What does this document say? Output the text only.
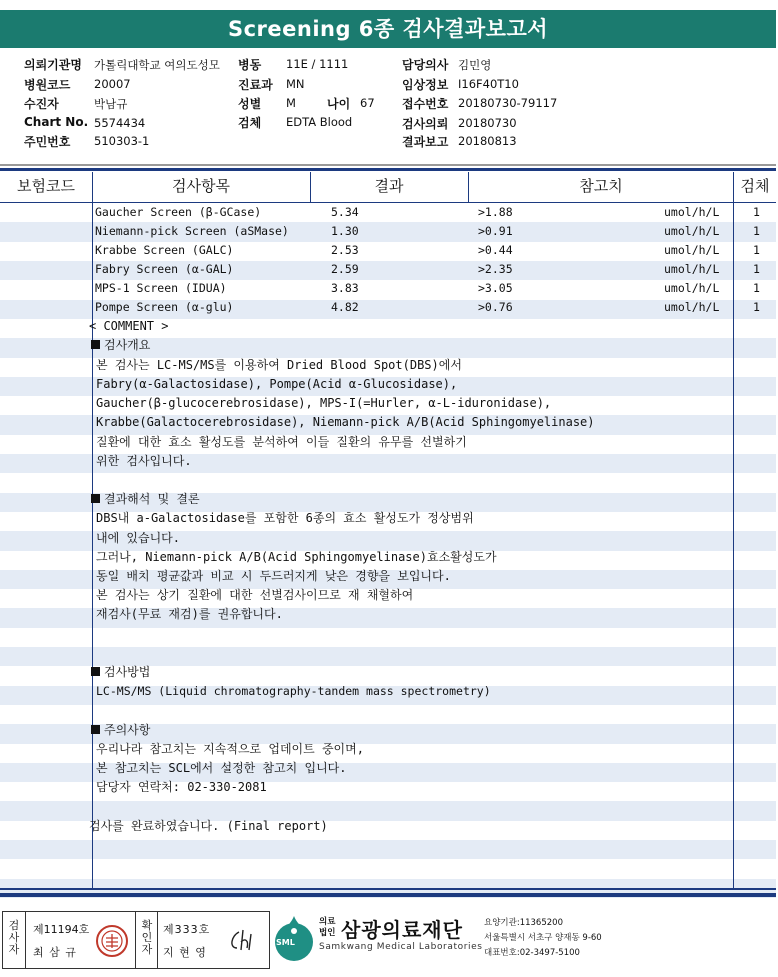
Screening 6종 검사결과보고서
의뢰기관명 가톨릭대학교 여의도성모 병동 11E / 1111	담당의사 김민영
병원코드 20007	진료과 MN	임상정보 I16F40T10
수진자	박남규	성별 M	나이 67 접수번호 20180730-79117
Chart No. 5574434	검체 EDTA Blood	검사의뢰 20180730
주민번호 510303-1	결과보고 20180813
보험코드	검사항목	결과	참고치	검체
Gaucher Screen (β-GCase)	5.34	>1.88	umol/h/L	1
Niemann-pick Screen (aSMase)	1.30	>0.91	umol/h/L	1
Krabbe Screen (GALC)	2.53	>0.44	umol/h/L	1
Fabry Screen (α-GAL)	2.59	>2.35	umol/h/L	1
MPS-1 Screen (IDUA)	3.83	>3.05	umol/h/L	1
Pompe Screen (α-glu)	4.82	>0.76	umol/h/L	1
< COMMENT >
검사개요
본 검사는 LC-MS/MS를 이용하여 Dried Blood Spot(DBS)에서
Fabry(α-Galactosidase), Pompe(Acid α-Glucosidase),
Gaucher(β-glucocerebrosidase), MPS-I(=Hurler, α-L-iduronidase),
Krabbe(Galactocerebrosidase), Niemann-pick A/B(Acid Sphingomyelinase)
질환에 대한 효소 활성도를 분석하여 이들 질환의 유무를 선별하기
위한 검사입니다.
결과해석 및 결론
DBS내 a-Galactosidase를 포함한 6종의 효소 활성도가 정상범위
내에 있습니다.
그러나, Niemann-pick A/B(Acid Sphingomyelinase)효소활성도가
동일 배치 평균값과 비교 시 두드러지게 낮은 경향을 보입니다.
본 검사는 상기 질환에 대한 선별검사이므로 재 채혈하여
재검사(무료 재검)를 권유합니다.
검사방법
LC-MS/MS (Liquid chromatography-tandem mass spectrometry)
주의사항
우리나라 참고치는 지속적으로 업데이트 중이며,
본 참고치는 SCL에서 설정한 참고치 입니다.
담당자 연락처: 02-330-2081
검사를 완료하였습니다. (Final report)
검사자
제11194호
최 삼 규
확인자
제333호
지 현 영
SML
의료법인 삼광의료재단
Samkwang Medical Laboratories
요양기관:11365200
서울특별시 서초구 양재동 9-60
대표번호:02-3497-5100
